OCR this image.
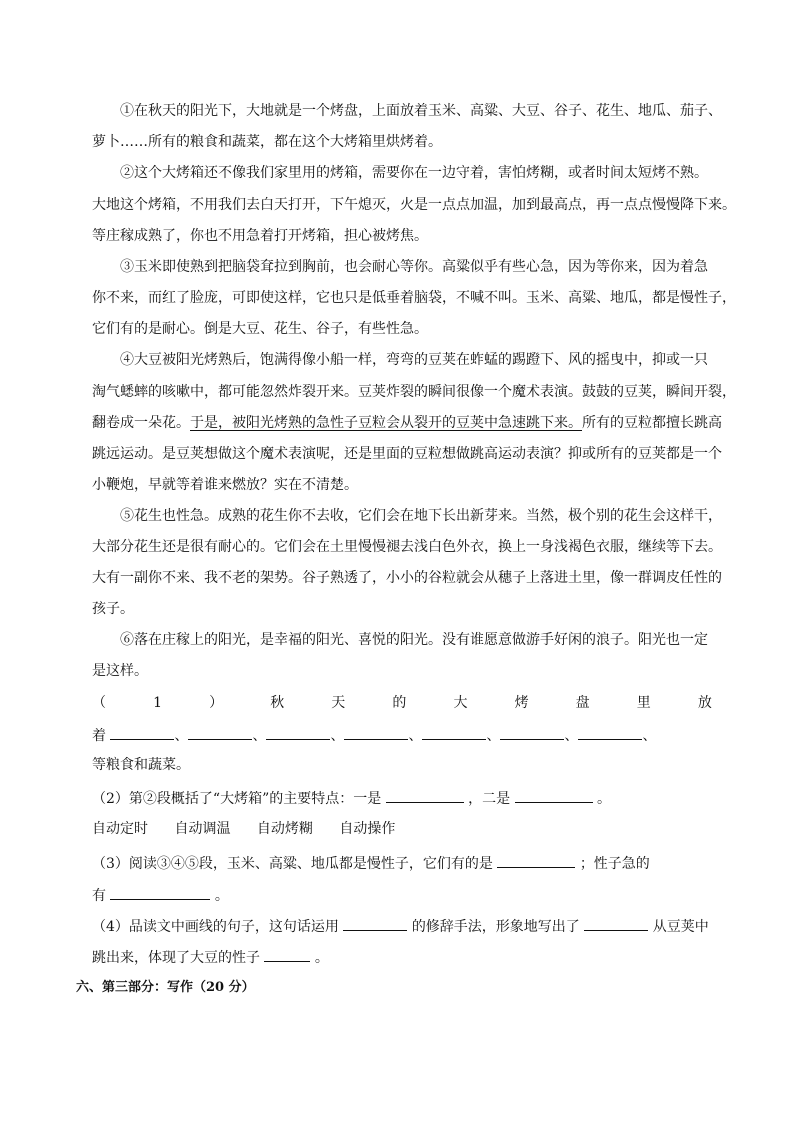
①在秋天的阳光下，大地就是一个烤盘，上面放着玉米、高粱、大豆、谷子、花生、地瓜、茄子、
萝卜……所有的粮食和蔬菜，都在这个大烤箱里烘烤着。
②这个大烤箱还不像我们家里用的烤箱，需要你在一边守着，害怕烤糊，或者时间太短烤不熟。
大地这个烤箱，不用我们去白天打开，下午熄灭，火是一点点加温，加到最高点，再一点点慢慢降下来。
等庄稼成熟了，你也不用急着打开烤箱，担心被烤焦。
③玉米即使熟到把脑袋耷拉到胸前，也会耐心等你。高粱似乎有些心急，因为等你来，因为着急
你不来，而红了脸庞，可即使这样，它也只是低垂着脑袋，不喊不叫。玉米、高粱、地瓜，都是慢性子，
它们有的是耐心。倒是大豆、花生、谷子，有些性急。
④大豆被阳光烤熟后，饱满得像小船一样，弯弯的豆荚在蚱蜢的踢蹬下、风的摇曳中，抑或一只
淘气蟋蟀的咳嗽中，都可能忽然炸裂开来。豆荚炸裂的瞬间很像一个魔术表演。鼓鼓的豆荚，瞬间开裂，
翻卷成一朵花。于是，被阳光烤熟的急性子豆粒会从裂开的豆荚中急速跳下来。所有的豆粒都擅长跳高
跳远运动。是豆荚想做这个魔术表演呢，还是里面的豆粒想做跳高运动表演？抑或所有的豆荚都是一个
小鞭炮，早就等着谁来燃放？实在不清楚。
⑤花生也性急。成熟的花生你不去收，它们会在地下长出新芽来。当然，极个别的花生会这样干，
大部分花生还是很有耐心的。它们会在土里慢慢褪去浅白色外衣，换上一身浅褐色衣服，继续等下去。
大有一副你不来、我不老的架势。谷子熟透了，小小的谷粒就会从穗子上落进土里，像一群调皮任性的
孩子。
⑥落在庄稼上的阳光，是幸福的阳光、喜悦的阳光。没有谁愿意做游手好闲的浪子。阳光也一定
是这样。
（	1	）	秋	天	的	大	烤	盘	里	放
着	、	、	、	、	、	、	、
等粮食和蔬菜。
（2）第②段概括了“大烤箱”的主要特点：一是	，二是	。
自动定时 自动调温 自动烤糊 自动操作
（3）阅读③④⑤段，玉米、高粱、地瓜都是慢性子，它们有的是	；性子急的
有	。
（4）品读文中画线的句子，这句话运用	的修辞手法，形象地写出了	从豆荚中
跳出来，体现了大豆的性子	。
六、第三部分：写作（20 分）
